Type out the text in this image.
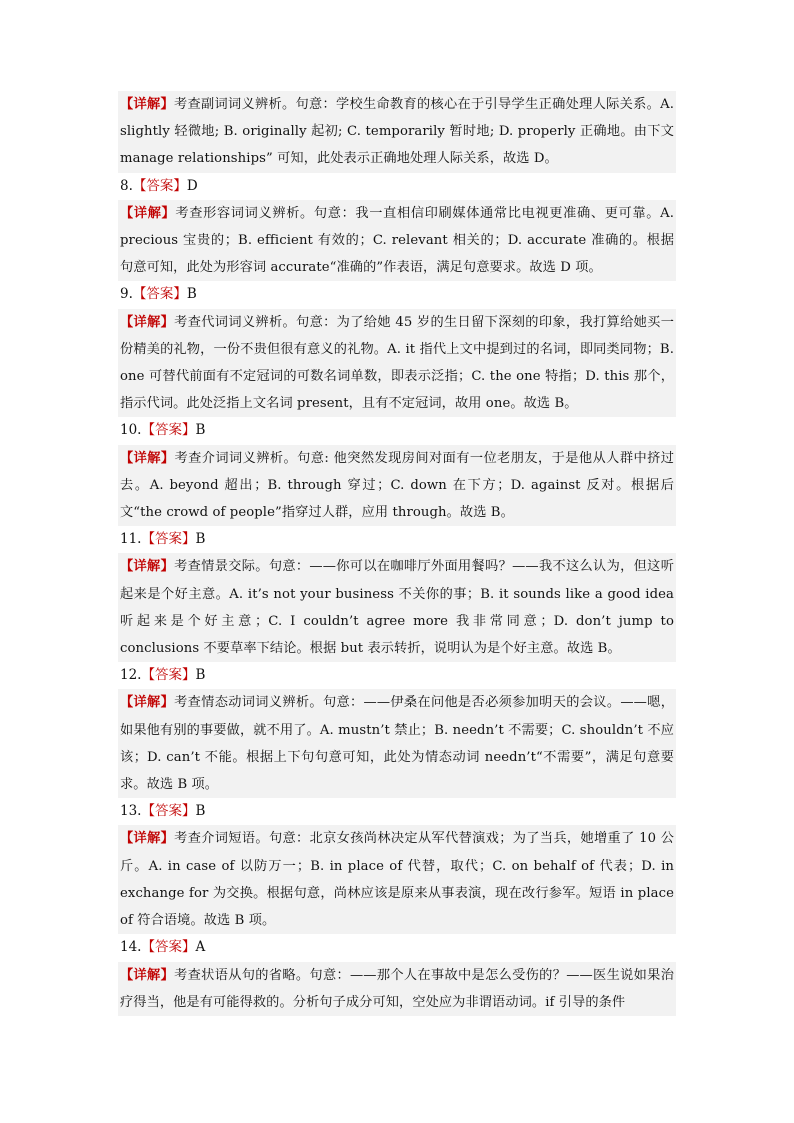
【详解】考查副词词义辨析。句意：学校生命教育的核心在于引导学生正确处理人际关系。A. slightly 轻微地; B. originally 起初; C. temporarily 暂时地; D. properly 正确地。由下文manage relationships” 可知，此处表示正确地处理人际关系，故选 D。
8.【答案】D
【详解】考查形容词词义辨析。句意：我一直相信印刷媒体通常比电视更准确、更可靠。A. precious 宝贵的；B. efficient 有效的；C. relevant 相关的；D. accurate 准确的。根据句意可知，此处为形容词 accurate“准确的”作表语，满足句意要求。故选 D 项。
9.【答案】B
【详解】考查代词词义辨析。句意：为了给她 45 岁的生日留下深刻的印象，我打算给她买一份精美的礼物，一份不贵但很有意义的礼物。A. it 指代上文中提到过的名词，即同类同物；B. one 可替代前面有不定冠词的可数名词单数，即表示泛指；C. the one 特指；D. this 那个，指示代词。此处泛指上文名词 present，且有不定冠词，故用 one。故选 B。
10.【答案】B
【详解】考查介词词义辨析。句意: 他突然发现房间对面有一位老朋友，于是他从人群中挤过去。A. beyond 超出；B. through 穿过；C. down 在下方；D. against 反对。根据后文“the crowd of people”指穿过人群，应用 through。故选 B。
11.【答案】B
【详解】考查情景交际。句意：——你可以在咖啡厅外面用餐吗？——我不这么认为，但这听起来是个好主意。A. it’s not your business 不关你的事；B. it sounds like a good idea 听起来是个好主意；C. I couldn’t agree more 我非常同意；D. don’t jump to conclusions 不要草率下结论。根据 but 表示转折，说明认为是个好主意。故选 B。
12.【答案】B
【详解】考查情态动词词义辨析。句意：——伊桑在问他是否必须参加明天的会议。——嗯，如果他有别的事要做，就不用了。A. mustn’t 禁止；B. needn’t 不需要；C. shouldn’t 不应该；D. can’t 不能。根据上下句句意可知，此处为情态动词 needn’t“不需要”，满足句意要求。故选 B 项。
13.【答案】B
【详解】考查介词短语。句意：北京女孩尚林决定从军代替演戏；为了当兵，她增重了 10 公斤。A. in case of 以防万一；B. in place of 代替，取代；C. on behalf of 代表；D. in exchange for 为交换。根据句意，尚林应该是原来从事表演，现在改行参军。短语 in place of 符合语境。故选 B 项。
14.【答案】A
【详解】考查状语从句的省略。句意：——那个人在事故中是怎么受伤的？——医生说如果治疗得当，他是有可能得救的。分析句子成分可知，空处应为非谓语动词。if 引导的条件
